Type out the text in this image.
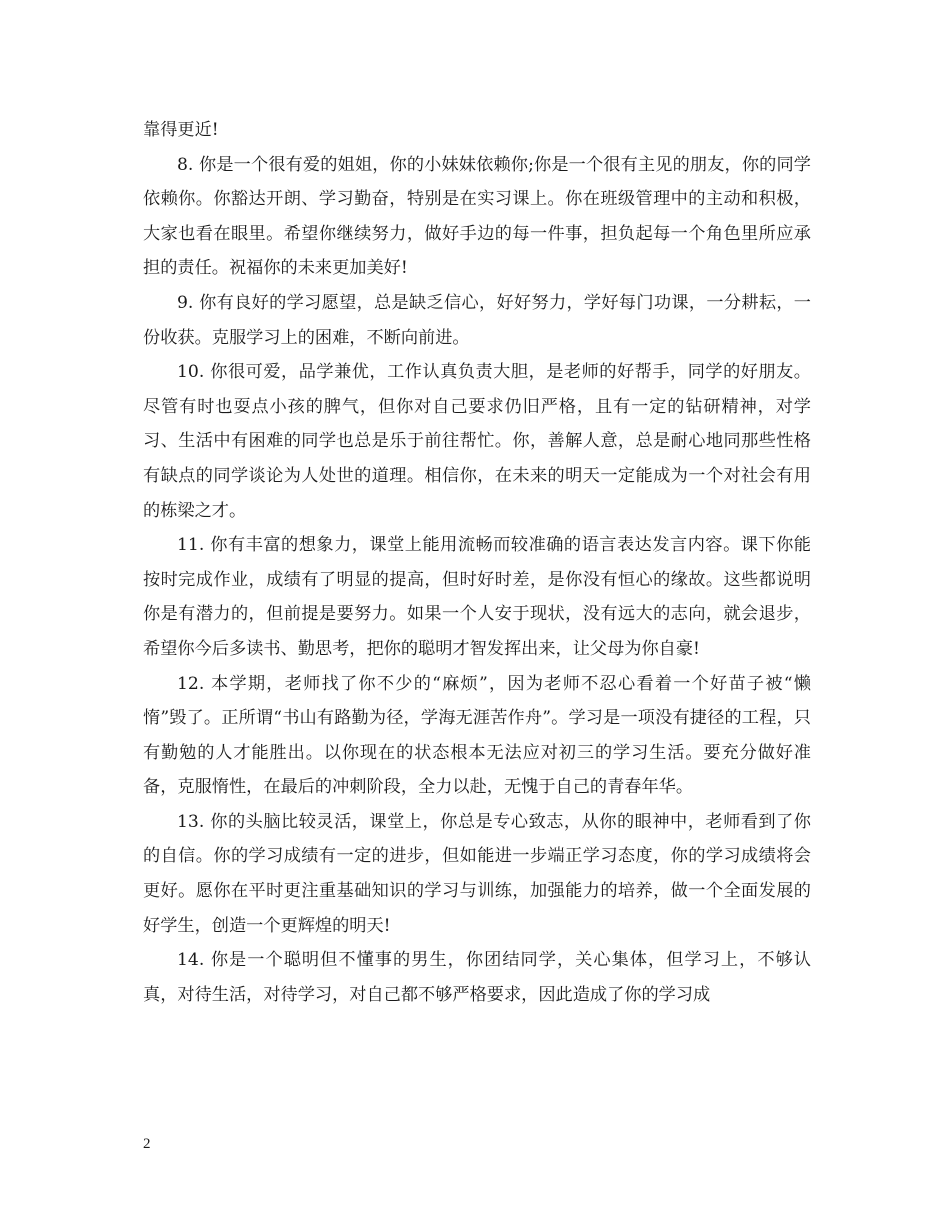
靠得更近!

8. 你是一个很有爱的姐姐，你的小妹妹依赖你;你是一个很有主见的朋友，你的同学依赖你。你豁达开朗、学习勤奋，特别是在实习课上。你在班级管理中的主动和积极，大家也看在眼里。希望你继续努力，做好手边的每一件事，担负起每一个角色里所应承担的责任。祝福你的未来更加美好!

9. 你有良好的学习愿望，总是缺乏信心，好好努力，学好每门功课，一分耕耘，一份收获。克服学习上的困难，不断向前进。

10. 你很可爱，品学兼优，工作认真负责大胆，是老师的好帮手，同学的好朋友。尽管有时也耍点小孩的脾气，但你对自己要求仍旧严格，且有一定的钻研精神，对学习、生活中有困难的同学也总是乐于前往帮忙。你，善解人意，总是耐心地同那些性格有缺点的同学谈论为人处世的道理。相信你，在未来的明天一定能成为一个对社会有用的栋梁之才。

11. 你有丰富的想象力，课堂上能用流畅而较准确的语言表达发言内容。课下你能按时完成作业，成绩有了明显的提高，但时好时差，是你没有恒心的缘故。这些都说明你是有潜力的，但前提是要努力。如果一个人安于现状，没有远大的志向，就会退步，希望你今后多读书、勤思考，把你的聪明才智发挥出来，让父母为你自豪!

12. 本学期，老师找了你不少的“麻烦”，因为老师不忍心看着一个好苗子被“懒惰”毁了。正所谓“书山有路勤为径，学海无涯苦作舟”。学习是一项没有捷径的工程，只有勤勉的人才能胜出。以你现在的状态根本无法应对初三的学习生活。要充分做好准备，克服惰性，在最后的冲刺阶段，全力以赴，无愧于自己的青春年华。

13. 你的头脑比较灵活，课堂上，你总是专心致志，从你的眼神中，老师看到了你的自信。你的学习成绩有一定的进步，但如能进一步端正学习态度，你的学习成绩将会更好。愿你在平时更注重基础知识的学习与训练，加强能力的培养，做一个全面发展的好学生，创造一个更辉煌的明天!

14. 你是一个聪明但不懂事的男生，你团结同学，关心集体，但学习上，不够认真，对待生活，对待学习，对自己都不够严格要求，因此造成了你的学习成

2
